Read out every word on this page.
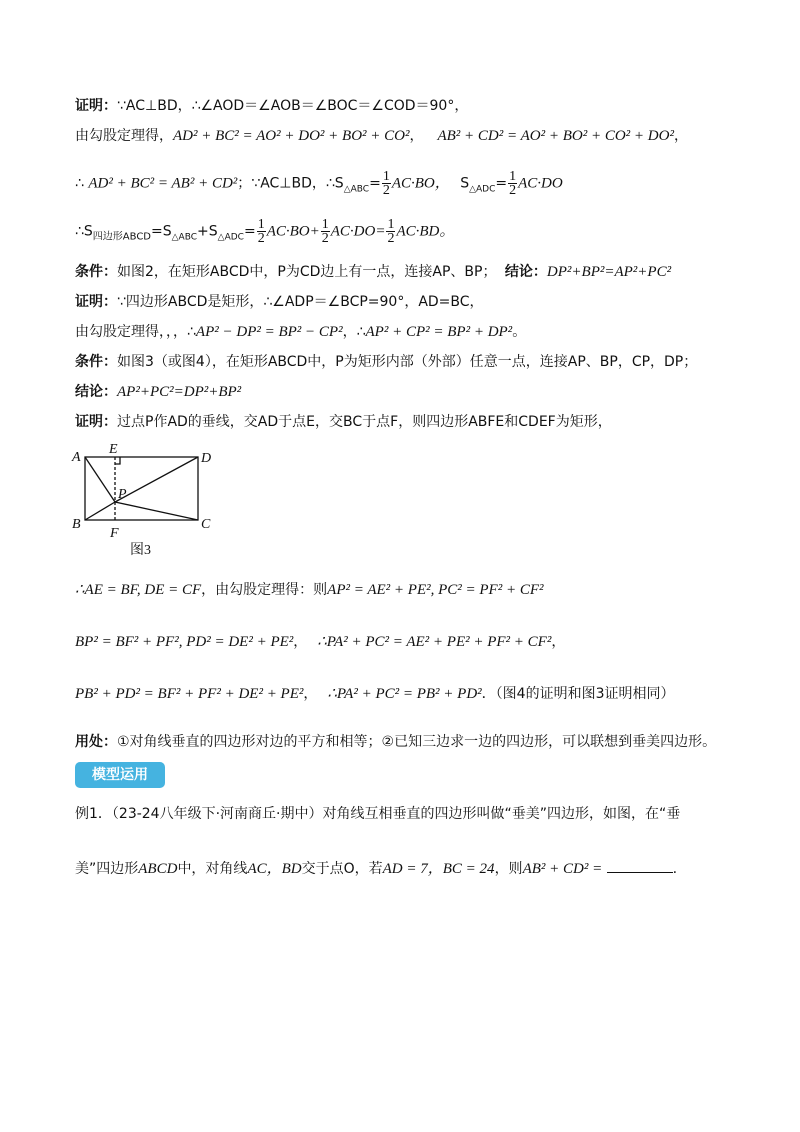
证明：∵AC⊥BD，∴∠AOD＝∠AOB＝∠BOC＝∠COD＝90°，
由勾股定理得，AD² + BC² = AO² + DO² + BO² + CO²， AB² + CD² = AO² + BO² + CO² + DO²，
∴ AD² + BC² = AB² + CD²；∵AC⊥BD，$\therefore S_{\triangle ABC}= \frac{1}{2} AC\cdot BO$， $S_{\triangle ADC}= \frac{1}{2} AC\cdot DO$
$\therefore S_{四边形ABCD}=S_{\triangle ABC}+S_{\triangle ADC}= \frac{1}{2} AC\cdot BO+ \frac{1}{2} AC\cdot DO= \frac{1}{2} AC\cdot BD$。
条件：如图2，在矩形ABCD中，P为CD边上有一点，连接AP、BP； 结论：DP²+BP²=AP²+PC²
证明：∵四边形ABCD是矩形，∴∠ADP＝∠BCP=90°，AD=BC，
由勾股定理得，，，∴AP² − DP² = BP² − CP²，∴AP² + CP² = BP² + DP²。
条件：如图3（或图4），在矩形ABCD中，P为矩形内部（外部）任意一点，连接AP、BP，CP，DP；
结论：AP²+PC²=DP²+BP²
证明：过点P作AD的垂线，交AD于点E，交BC于点F，则四边形ABFE和CDEF为矩形，
A
E
D
P
B	C
F
图3
∴AE = BF, DE = CF，由勾股定理得：则AP² = AE² + PE², PC² = PF² + CF²
BP² = BF² + PF², PD² = DE² + PE²， ∴PA² + PC² = AE² + PE² + PF² + CF²，
PB² + PD² = BF² + PF² + DE² + PE²， ∴PA² + PC² = PB² + PD²．（图4的证明和图3证明相同）
用处：①对角线垂直的四边形对边的平方和相等；②已知三边求一边的四边形，可以联想到垂美四边形。
模型运用
例1．（23-24八年级下·河南商丘·期中）对角线互相垂直的四边形叫做“垂美”四边形，如图，在“垂
美”四边形ABCD中，对角线AC，BD交于点O，若AD = 7，BC = 24，则AB² + CD² =	.
